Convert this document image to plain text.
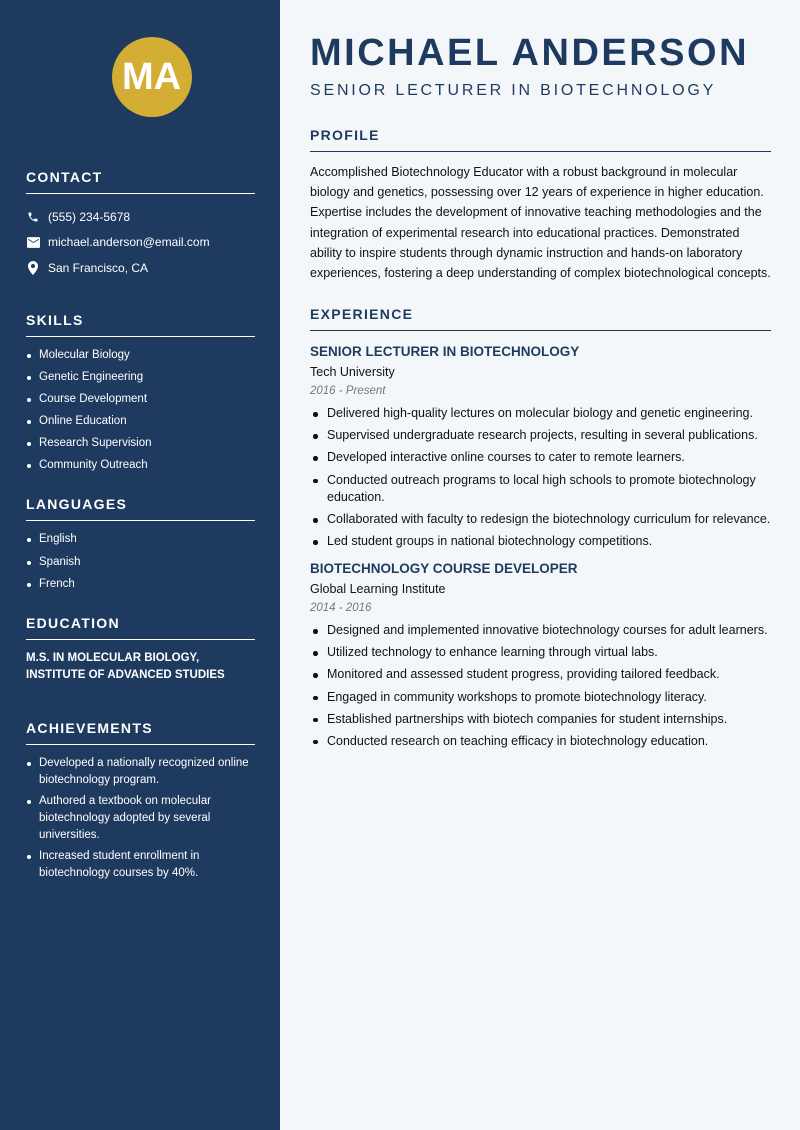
MA
CONTACT
(555) 234-5678
michael.anderson@email.com
San Francisco, CA
SKILLS
Molecular Biology
Genetic Engineering
Course Development
Online Education
Research Supervision
Community Outreach
LANGUAGES
English
Spanish
French
EDUCATION
M.S. IN MOLECULAR BIOLOGY, INSTITUTE OF ADVANCED STUDIES
ACHIEVEMENTS
Developed a nationally recognized online biotechnology program.
Authored a textbook on molecular biotechnology adopted by several universities.
Increased student enrollment in biotechnology courses by 40%.
MICHAEL ANDERSON
SENIOR LECTURER IN BIOTECHNOLOGY
PROFILE
Accomplished Biotechnology Educator with a robust background in molecular biology and genetics, possessing over 12 years of experience in higher education. Expertise includes the development of innovative teaching methodologies and the integration of experimental research into educational practices. Demonstrated ability to inspire students through dynamic instruction and hands-on laboratory experiences, fostering a deep understanding of complex biotechnological concepts.
EXPERIENCE
SENIOR LECTURER IN BIOTECHNOLOGY
Tech University
2016 - Present
Delivered high-quality lectures on molecular biology and genetic engineering.
Supervised undergraduate research projects, resulting in several publications.
Developed interactive online courses to cater to remote learners.
Conducted outreach programs to local high schools to promote biotechnology education.
Collaborated with faculty to redesign the biotechnology curriculum for relevance.
Led student groups in national biotechnology competitions.
BIOTECHNOLOGY COURSE DEVELOPER
Global Learning Institute
2014 - 2016
Designed and implemented innovative biotechnology courses for adult learners.
Utilized technology to enhance learning through virtual labs.
Monitored and assessed student progress, providing tailored feedback.
Engaged in community workshops to promote biotechnology literacy.
Established partnerships with biotech companies for student internships.
Conducted research on teaching efficacy in biotechnology education.
